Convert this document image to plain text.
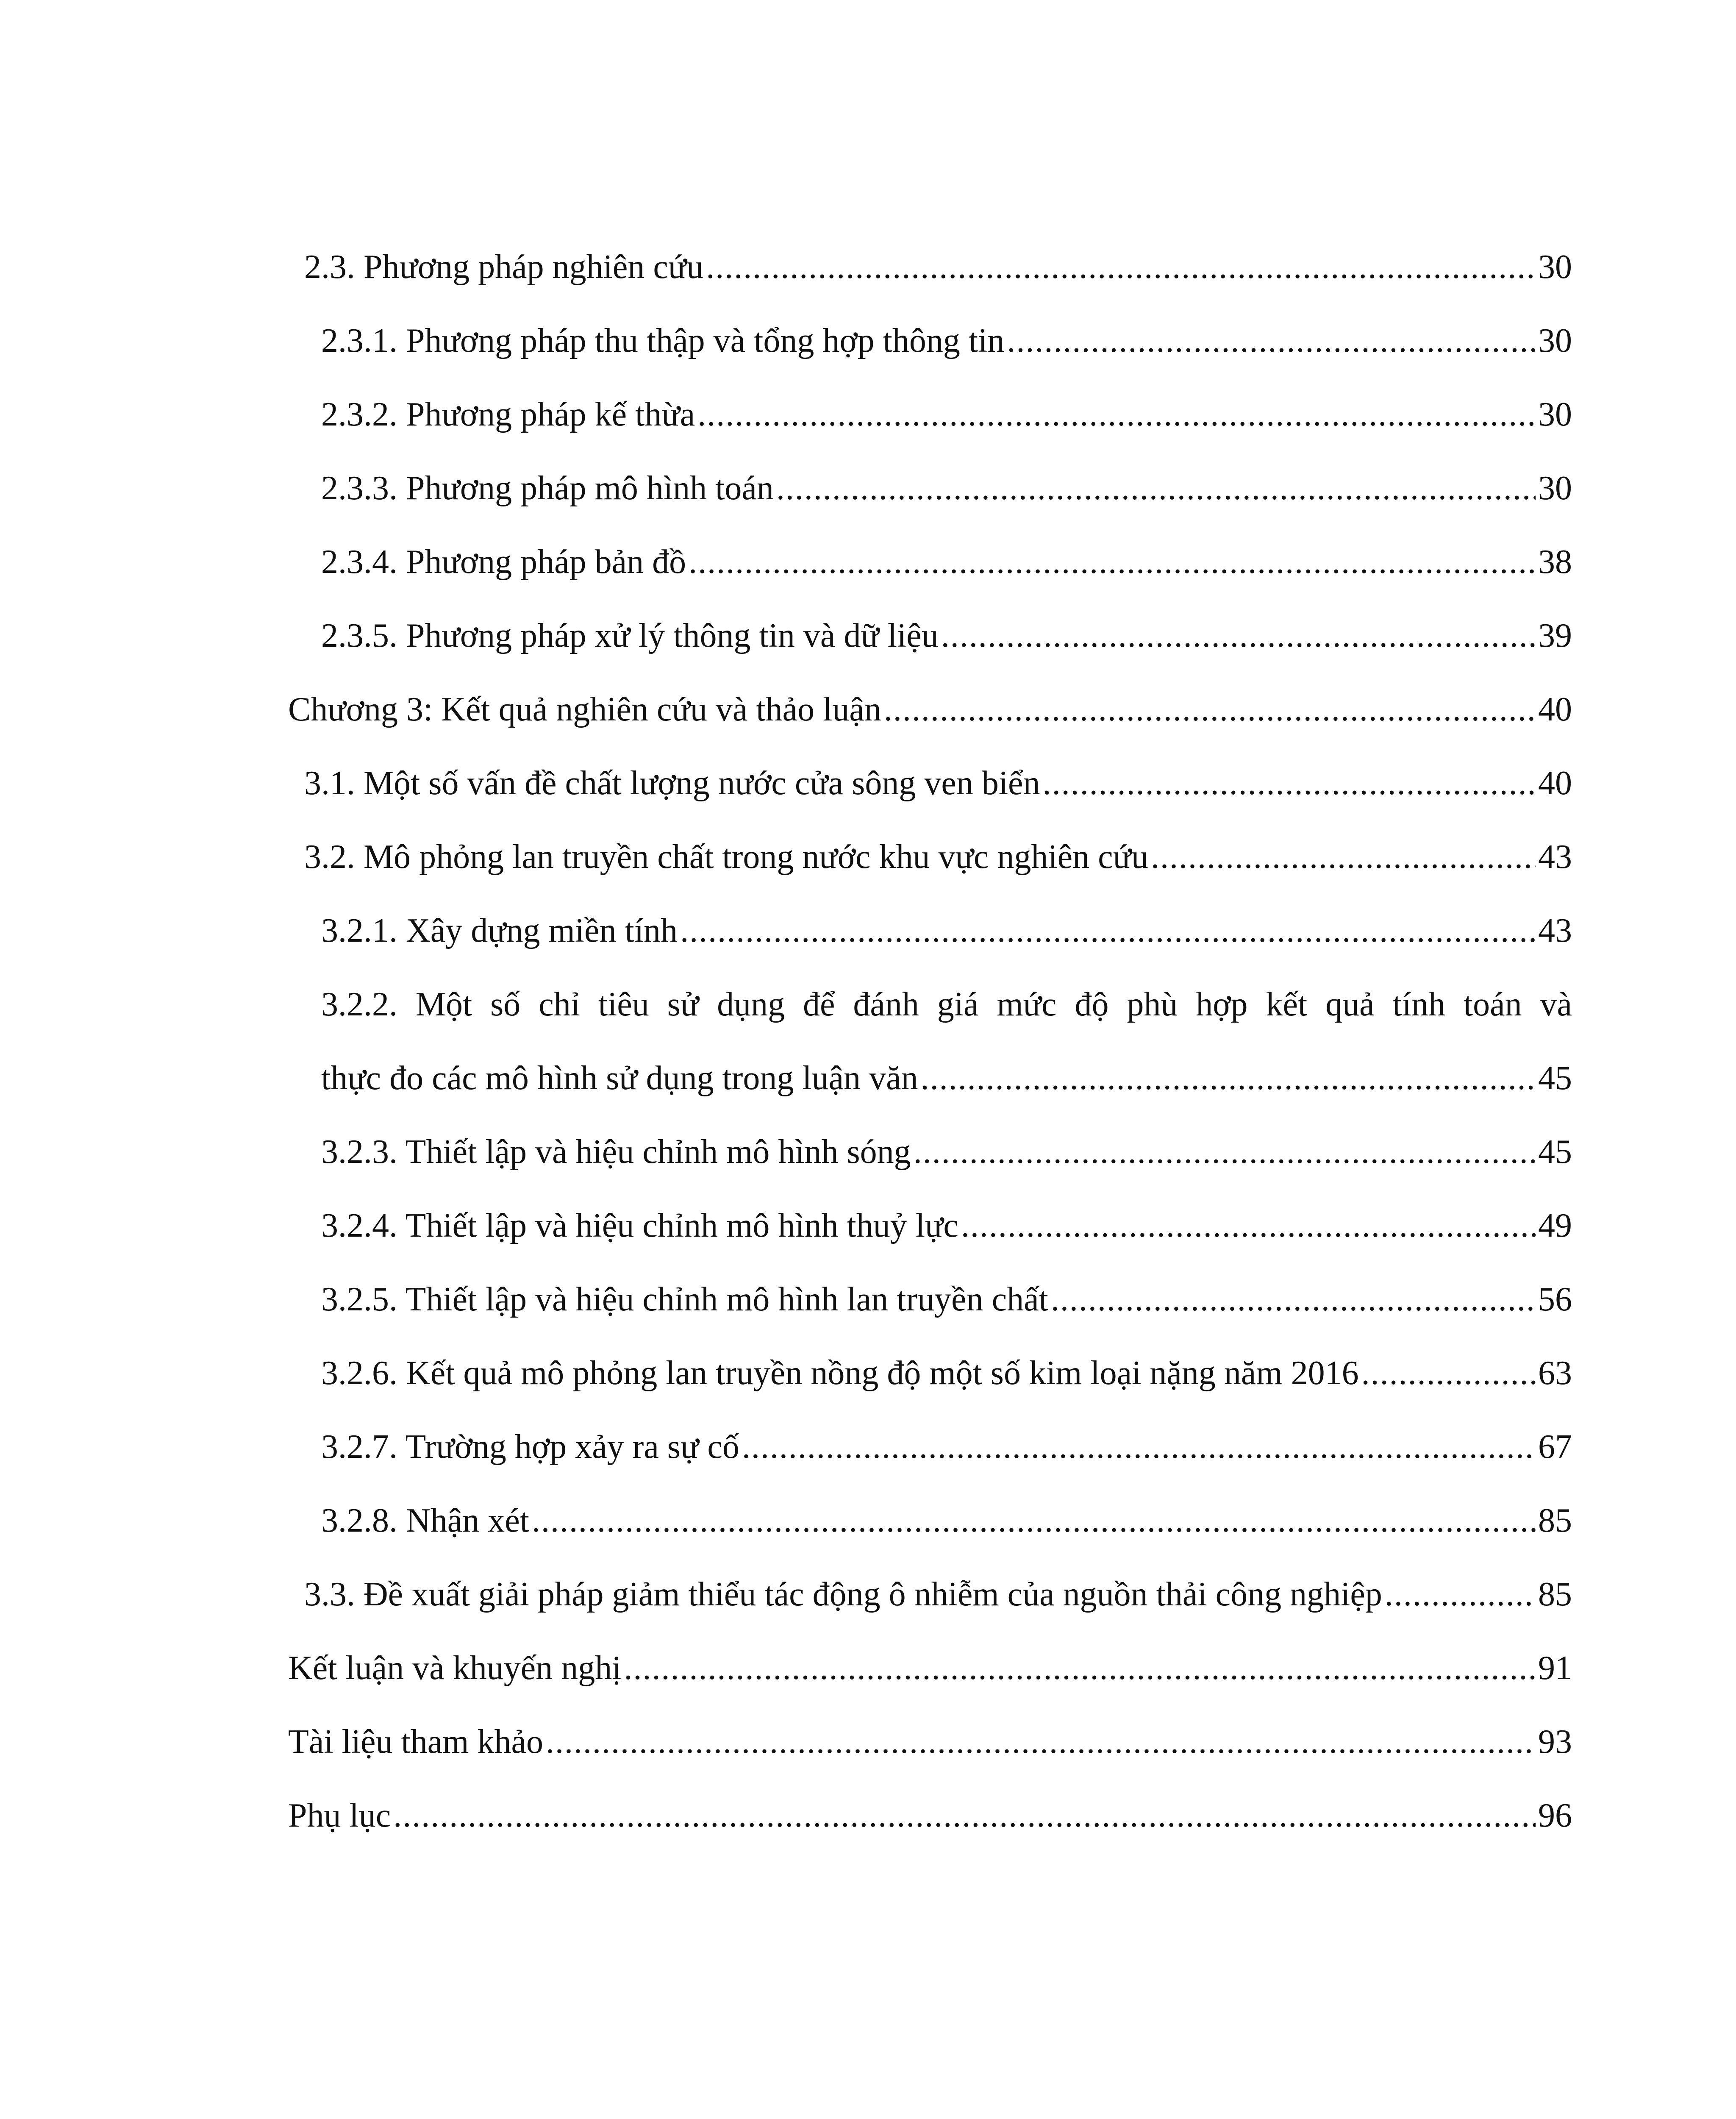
2.3. Phương pháp nghiên cứu .....	30
2.3.1. Phương pháp thu thập và tổng hợp thông tin .....	30
2.3.2. Phương pháp kế thừa .....	30
2.3.3. Phương pháp mô hình toán .....	30
2.3.4. Phương pháp bản đồ .....	38
2.3.5. Phương pháp xử lý thông tin và dữ liệu .....	39
Chương 3: Kết quả nghiên cứu và thảo luận .....	40
3.1. Một số vấn đề chất lượng nước cửa sông ven biển .....	40
3.2. Mô phỏng lan truyền chất trong nước khu vực nghiên cứu .....	43
3.2.1. Xây dựng miền tính .....	43
3.2.2. Một số chỉ tiêu sử dụng để đánh giá mức độ phù hợp kết quả tính toán và
thực đo các mô hình sử dụng trong luận văn .....	45
3.2.3. Thiết lập và hiệu chỉnh mô hình sóng .....	45
3.2.4. Thiết lập và hiệu chỉnh mô hình thuỷ lực .....	49
3.2.5. Thiết lập và hiệu chỉnh mô hình lan truyền chất .....	56
3.2.6. Kết quả mô phỏng lan truyền nồng độ một số kim loại nặng năm 2016 .....	63
3.2.7. Trường hợp xảy ra sự cố .....	67
3.2.8. Nhận xét .....	85
3.3. Đề xuất giải pháp giảm thiểu tác động ô nhiễm của nguồn thải công nghiệp .....	85
Kết luận và khuyến nghị .....	91
Tài liệu tham khảo .....	93
Phụ lục .....	96
